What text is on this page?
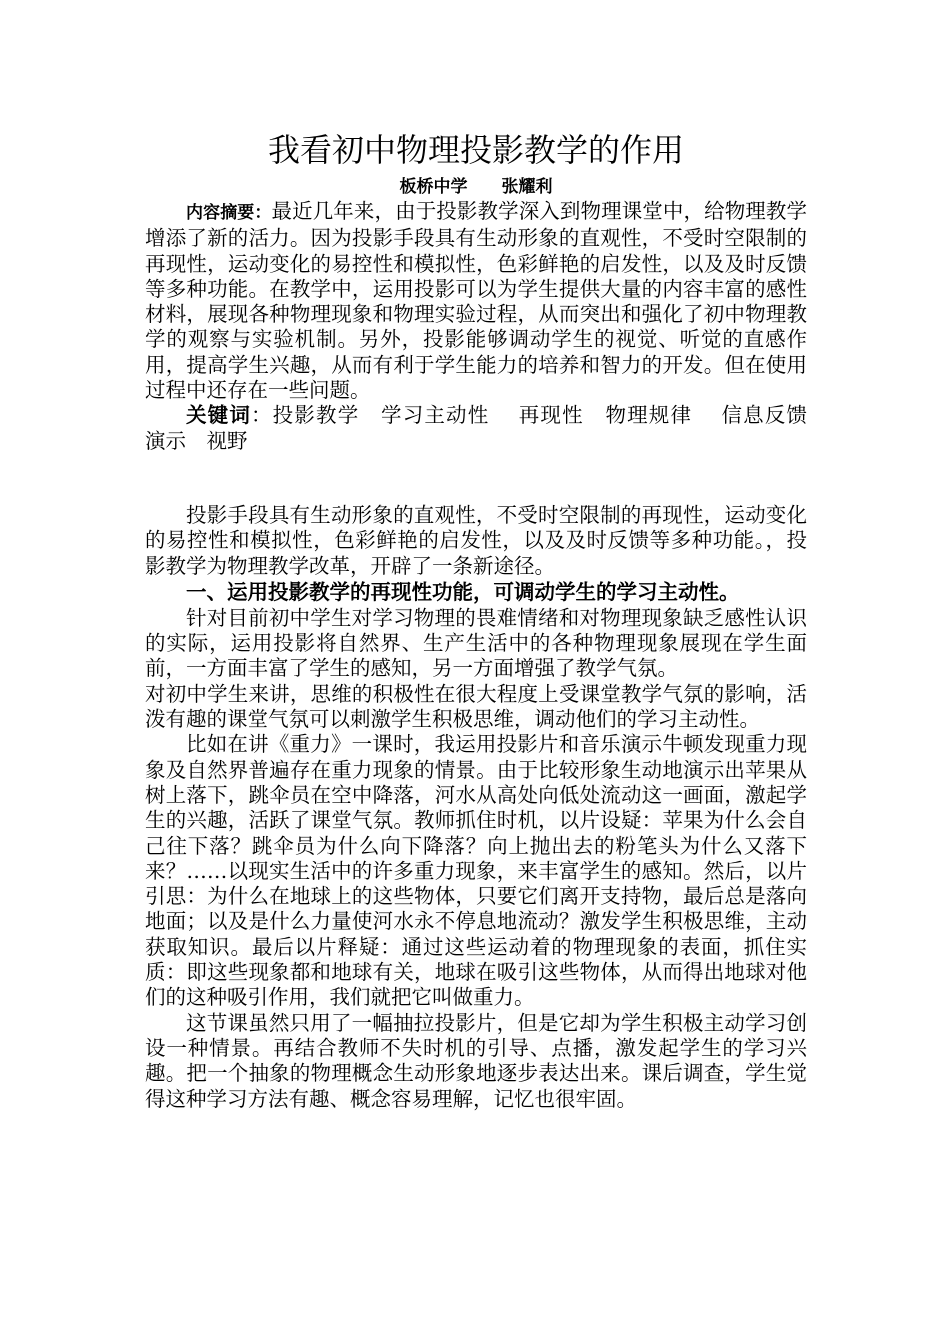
我看初中物理投影教学的作用

板桥中学　　张耀利

内容摘要：最近几年来，由于投影教学深入到物理课堂中，给物理教学增添了新的活力。因为投影手段具有生动形象的直观性，不受时空限制的再现性，运动变化的易控性和模拟性，色彩鲜艳的启发性，以及及时反馈等多种功能。在教学中，运用投影可以为学生提供大量的内容丰富的感性材料，展现各种物理现象和物理实验过程，从而突出和强化了初中物理教学的观察与实验机制。另外，投影能够调动学生的视觉、听觉的直感作用，提高学生兴趣，从而有利于学生能力的培养和智力的开发。但在使用过程中还存在一些问题。

关键词：投影教学　学习主动性　 再现性　物理规律　 信息反馈　演示　视野

投影手段具有生动形象的直观性，不受时空限制的再现性，运动变化的易控性和模拟性，色彩鲜艳的启发性，以及及时反馈等多种功能。，投影教学为物理教学改革，开辟了一条新途径。

一、运用投影教学的再现性功能，可调动学生的学习主动性。

针对目前初中学生对学习物理的畏难情绪和对物理现象缺乏感性认识的实际，运用投影将自然界、生产生活中的各种物理现象展现在学生面前，一方面丰富了学生的感知，另一方面增强了教学气氛。

对初中学生来讲，思维的积极性在很大程度上受课堂教学气氛的影响，活泼有趣的课堂气氛可以刺激学生积极思维，调动他们的学习主动性。

比如在讲《重力》一课时，我运用投影片和音乐演示牛顿发现重力现象及自然界普遍存在重力现象的情景。由于比较形象生动地演示出苹果从树上落下，跳伞员在空中降落，河水从高处向低处流动这一画面，激起学生的兴趣，活跃了课堂气氛。教师抓住时机，以片设疑：苹果为什么会自己往下落？跳伞员为什么向下降落？向上抛出去的粉笔头为什么又落下来？……以现实生活中的许多重力现象，来丰富学生的感知。然后，以片引思：为什么在地球上的这些物体，只要它们离开支持物，最后总是落向地面；以及是什么力量使河水永不停息地流动？激发学生积极思维，主动获取知识。最后以片释疑：通过这些运动着的物理现象的表面，抓住实质：即这些现象都和地球有关，地球在吸引这些物体，从而得出地球对他们的这种吸引作用，我们就把它叫做重力。

这节课虽然只用了一幅抽拉投影片，但是它却为学生积极主动学习创设一种情景。再结合教师不失时机的引导、点播，激发起学生的学习兴趣。把一个抽象的物理概念生动形象地逐步表达出来。课后调查，学生觉得这种学习方法有趣、概念容易理解，记忆也很牢固。
